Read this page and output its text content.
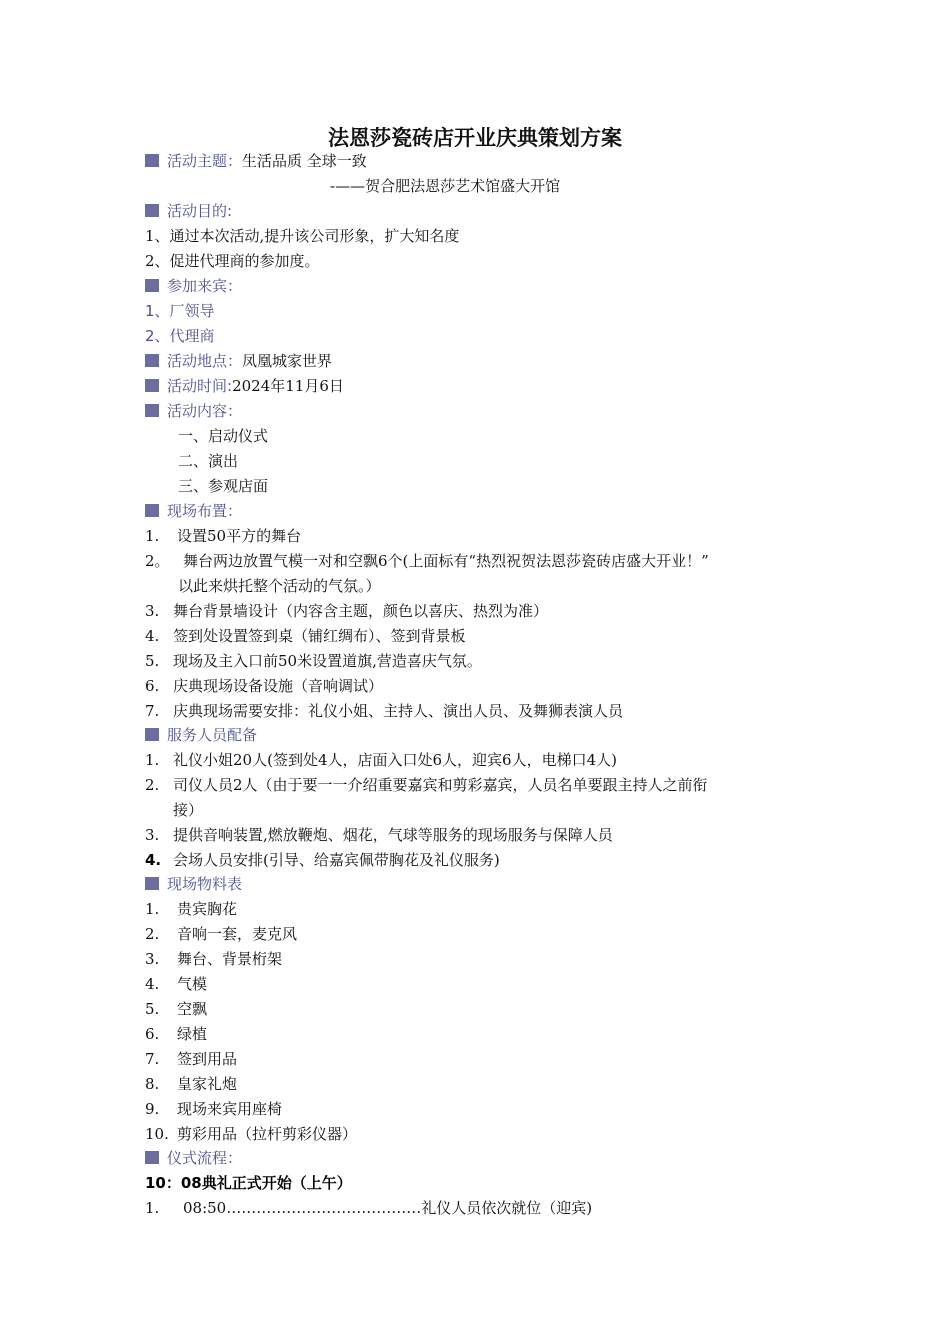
法恩莎瓷砖店开业庆典策划方案
活动主题：生活品质 全球一致
-——贺合肥法恩莎艺术馆盛大开馆
活动目的:
1、通过本次活动,提升该公司形象，扩大知名度
2、促进代理商的参加度。
参加来宾：
1、厂领导
2、代理商
活动地点：凤凰城家世界
活动时间:2024年11月6日
活动内容：
一、启动仪式
二、演出
三、参观店面
现场布置：
1. 设置50平方的舞台
2。 舞台两边放置气模一对和空飘6个(上面标有“热烈祝贺法恩莎瓷砖店盛大开业！”
以此来烘托整个活动的气氛。）
3. 舞台背景墙设计（内容含主题，颜色以喜庆、热烈为准）
4. 签到处设置签到桌（铺红绸布）、签到背景板
5. 现场及主入口前50米设置道旗,营造喜庆气氛。
6. 庆典现场设备设施（音响调试）
7. 庆典现场需要安排：礼仪小姐、主持人、演出人员、及舞狮表演人员
服务人员配备
1. 礼仪小姐20人(签到处4人，店面入口处6人，迎宾6人，电梯口4人)
2. 司仪人员2人（由于要一一介绍重要嘉宾和剪彩嘉宾，人员名单要跟主持人之前衔
接）
3. 提供音响装置,燃放鞭炮、烟花，气球等服务的现场服务与保障人员
4. 会场人员安排(引导、给嘉宾佩带胸花及礼仪服务)
现场物料表
1. 贵宾胸花
2. 音响一套，麦克风
3. 舞台、背景桁架
4. 气模
5. 空飘
6. 绿植
7. 签到用品
8. 皇家礼炮
9. 现场来宾用座椅
10. 剪彩用品（拉杆剪彩仪器）
仪式流程：
10：08典礼正式开始（上午）
1. 08:50…………………………………礼仪人员依次就位（迎宾)
